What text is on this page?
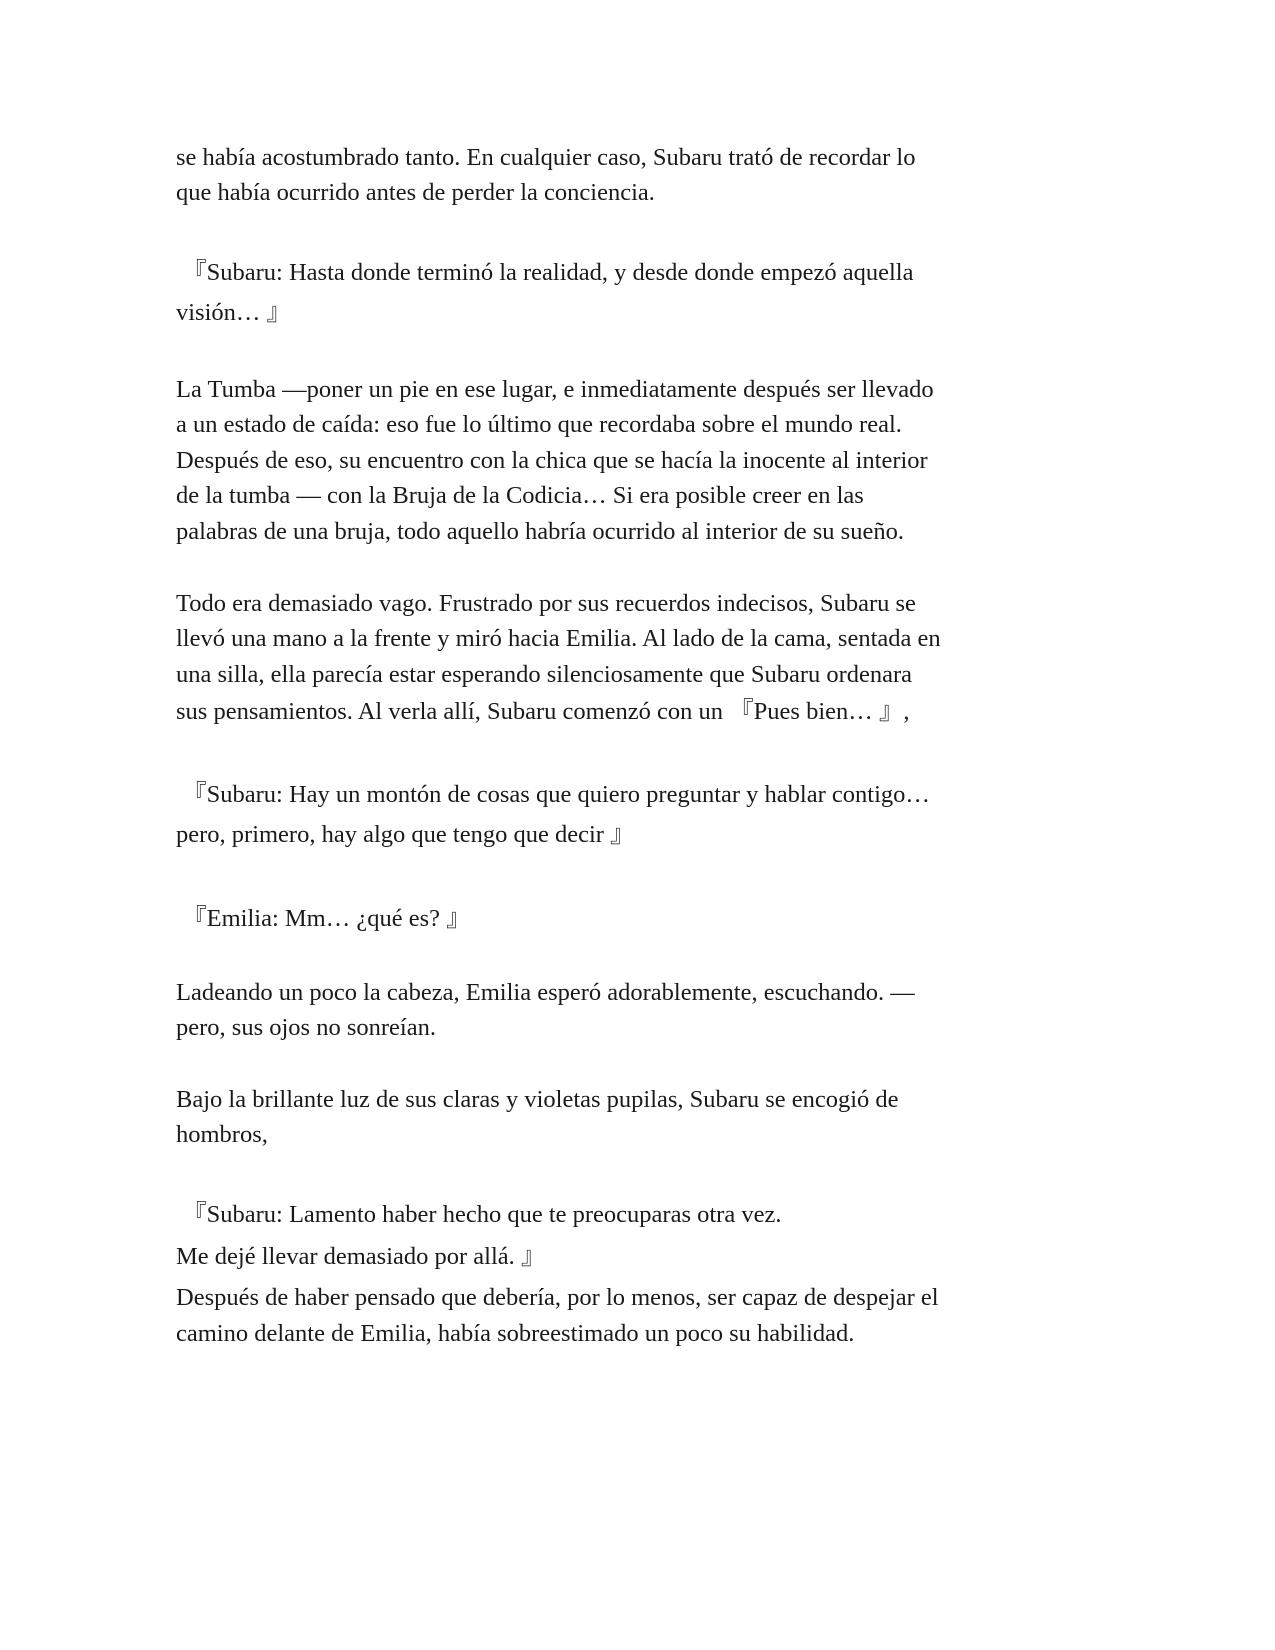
se había acostumbrado tanto. En cualquier caso, Subaru trató de recordar lo

que había ocurrido antes de perder la conciencia.

『Subaru: Hasta donde terminó la realidad, y desde donde empezó aquella

visión… 』

La Tumba —poner un pie en ese lugar, e inmediatamente después ser llevado

a un estado de caída: eso fue lo último que recordaba sobre el mundo real.

Después de eso, su encuentro con la chica que se hacía la inocente al interior

de la tumba — con la Bruja de la Codicia… Si era posible creer en las

palabras de una bruja, todo aquello habría ocurrido al interior de su sueño.

Todo era demasiado vago. Frustrado por sus recuerdos indecisos, Subaru se

llevó una mano a la frente y miró hacia Emilia. Al lado de la cama, sentada en

una silla, ella parecía estar esperando silenciosamente que Subaru ordenara

sus pensamientos. Al verla allí, Subaru comenzó con un 『Pues bien… 』,

『Subaru: Hay un montón de cosas que quiero preguntar y hablar contigo…

pero, primero, hay algo que tengo que decir 』

『Emilia: Mm… ¿qué es? 』

Ladeando un poco la cabeza, Emilia esperó adorablemente, escuchando. —

pero, sus ojos no sonreían.

Bajo la brillante luz de sus claras y violetas pupilas, Subaru se encogió de

hombros,

『Subaru: Lamento haber hecho que te preocuparas otra vez.

Me dejé llevar demasiado por allá. 』

Después de haber pensado que debería, por lo menos, ser capaz de despejar el

camino delante de Emilia, había sobreestimado un poco su habilidad.
